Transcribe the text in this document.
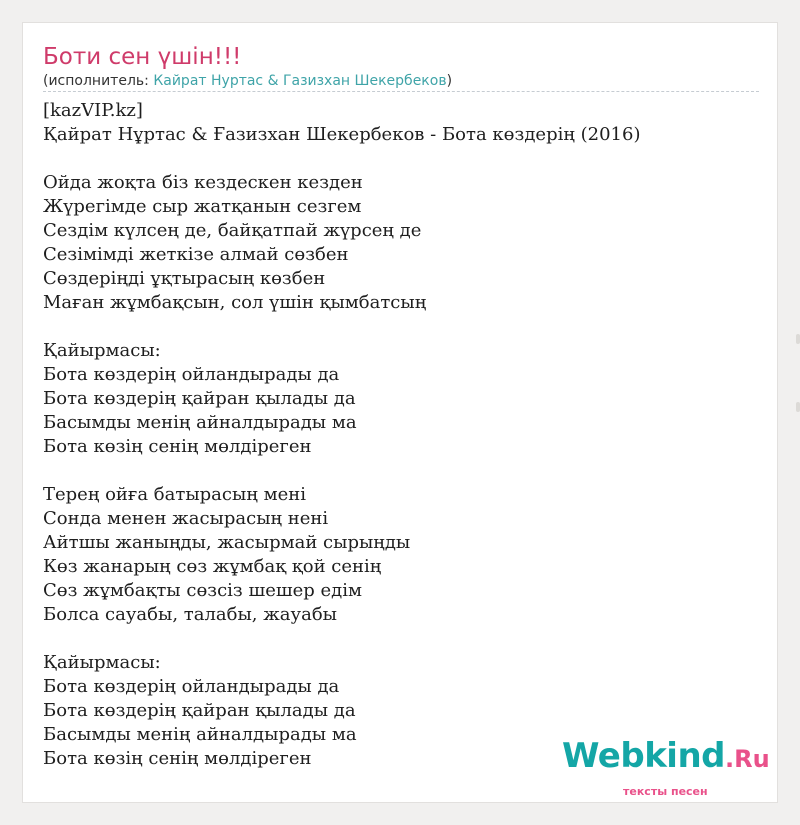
Боти сен үшін!!!
(исполнитель: Кайрат Нуртас & Газизхан Шекербеков)
[kazVIP.kz]
Қайрат Нұртас & Ғазизхан Шекербеков - Бота көздерің (2016)

Ойда жоқта біз кездескен кезден
Жүрегімде сыр жатқанын сезгем
Сездім күлсең де, байқатпай жүрсең де
Сезімімді жеткізе алмай сөзбен
Сөздеріңді ұқтырасың көзбен
Маған жұмбақсын, сол үшін қымбатсың

Қайырмасы:
Бота көздерің ойландырады да
Бота көздерің қайран қылады да
Басымды менің айналдырады ма
Бота көзің сенің мөлдіреген

Терең ойға батырасың мені
Сонда менен жасырасың нені
Айтшы жаныңды, жасырмай сырыңды
Көз жанарың сөз жұмбақ қой сенің
Сөз жұмбақты сөзсіз шешер едім
Болса сауабы, талабы, жауабы

Қайырмасы:
Бота көздерің ойландырады да
Бота көздерің қайран қылады да
Басымды менің айналдырады ма
Бота көзің сенің мөлдіреген	Webkind.Ru
тексты песен
